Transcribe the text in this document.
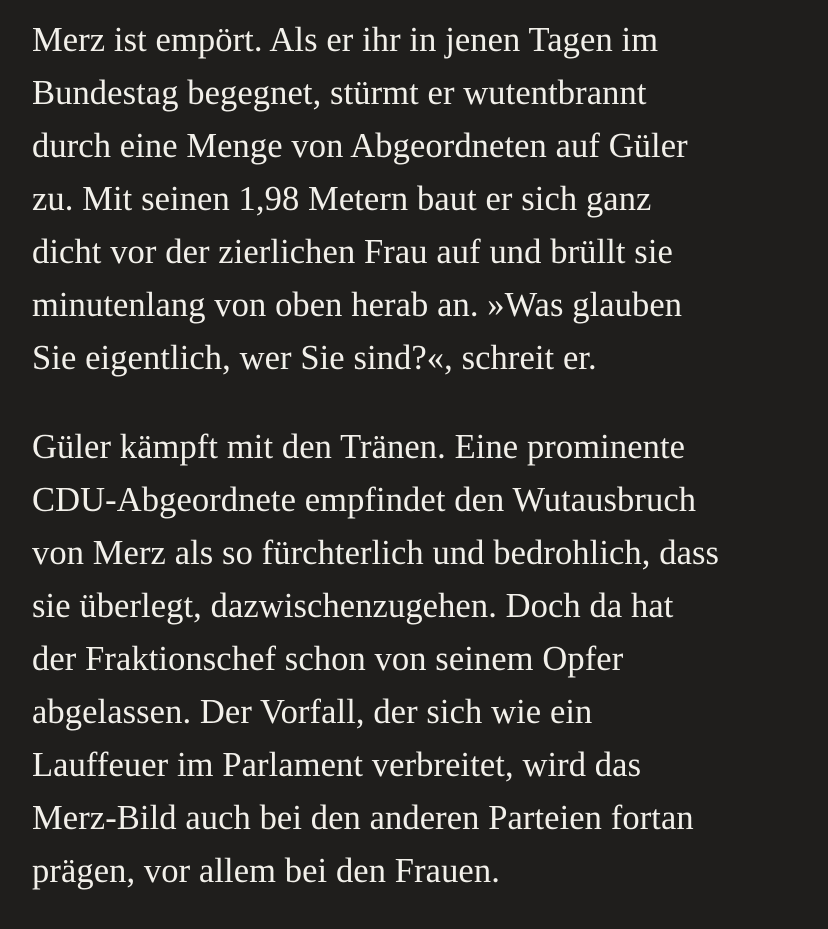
Merz ist empört. Als er ihr in jenen Tagen im
Bundestag begegnet, stürmt er wutentbrannt
durch eine Menge von Abgeordneten auf Güler
zu. Mit seinen 1,98 Metern baut er sich ganz
dicht vor der zierlichen Frau auf und brüllt sie
minutenlang von oben herab an. »Was glauben
Sie eigentlich, wer Sie sind?«, schreit er.

Güler kämpft mit den Tränen. Eine prominente
CDU-Abgeordnete empfindet den Wutausbruch
von Merz als so fürchterlich und bedrohlich, dass
sie überlegt, dazwischenzugehen. Doch da hat
der Fraktionschef schon von seinem Opfer
abgelassen. Der Vorfall, der sich wie ein
Lauffeuer im Parlament verbreitet, wird das
Merz-Bild auch bei den anderen Parteien fortan
prägen, vor allem bei den Frauen.
